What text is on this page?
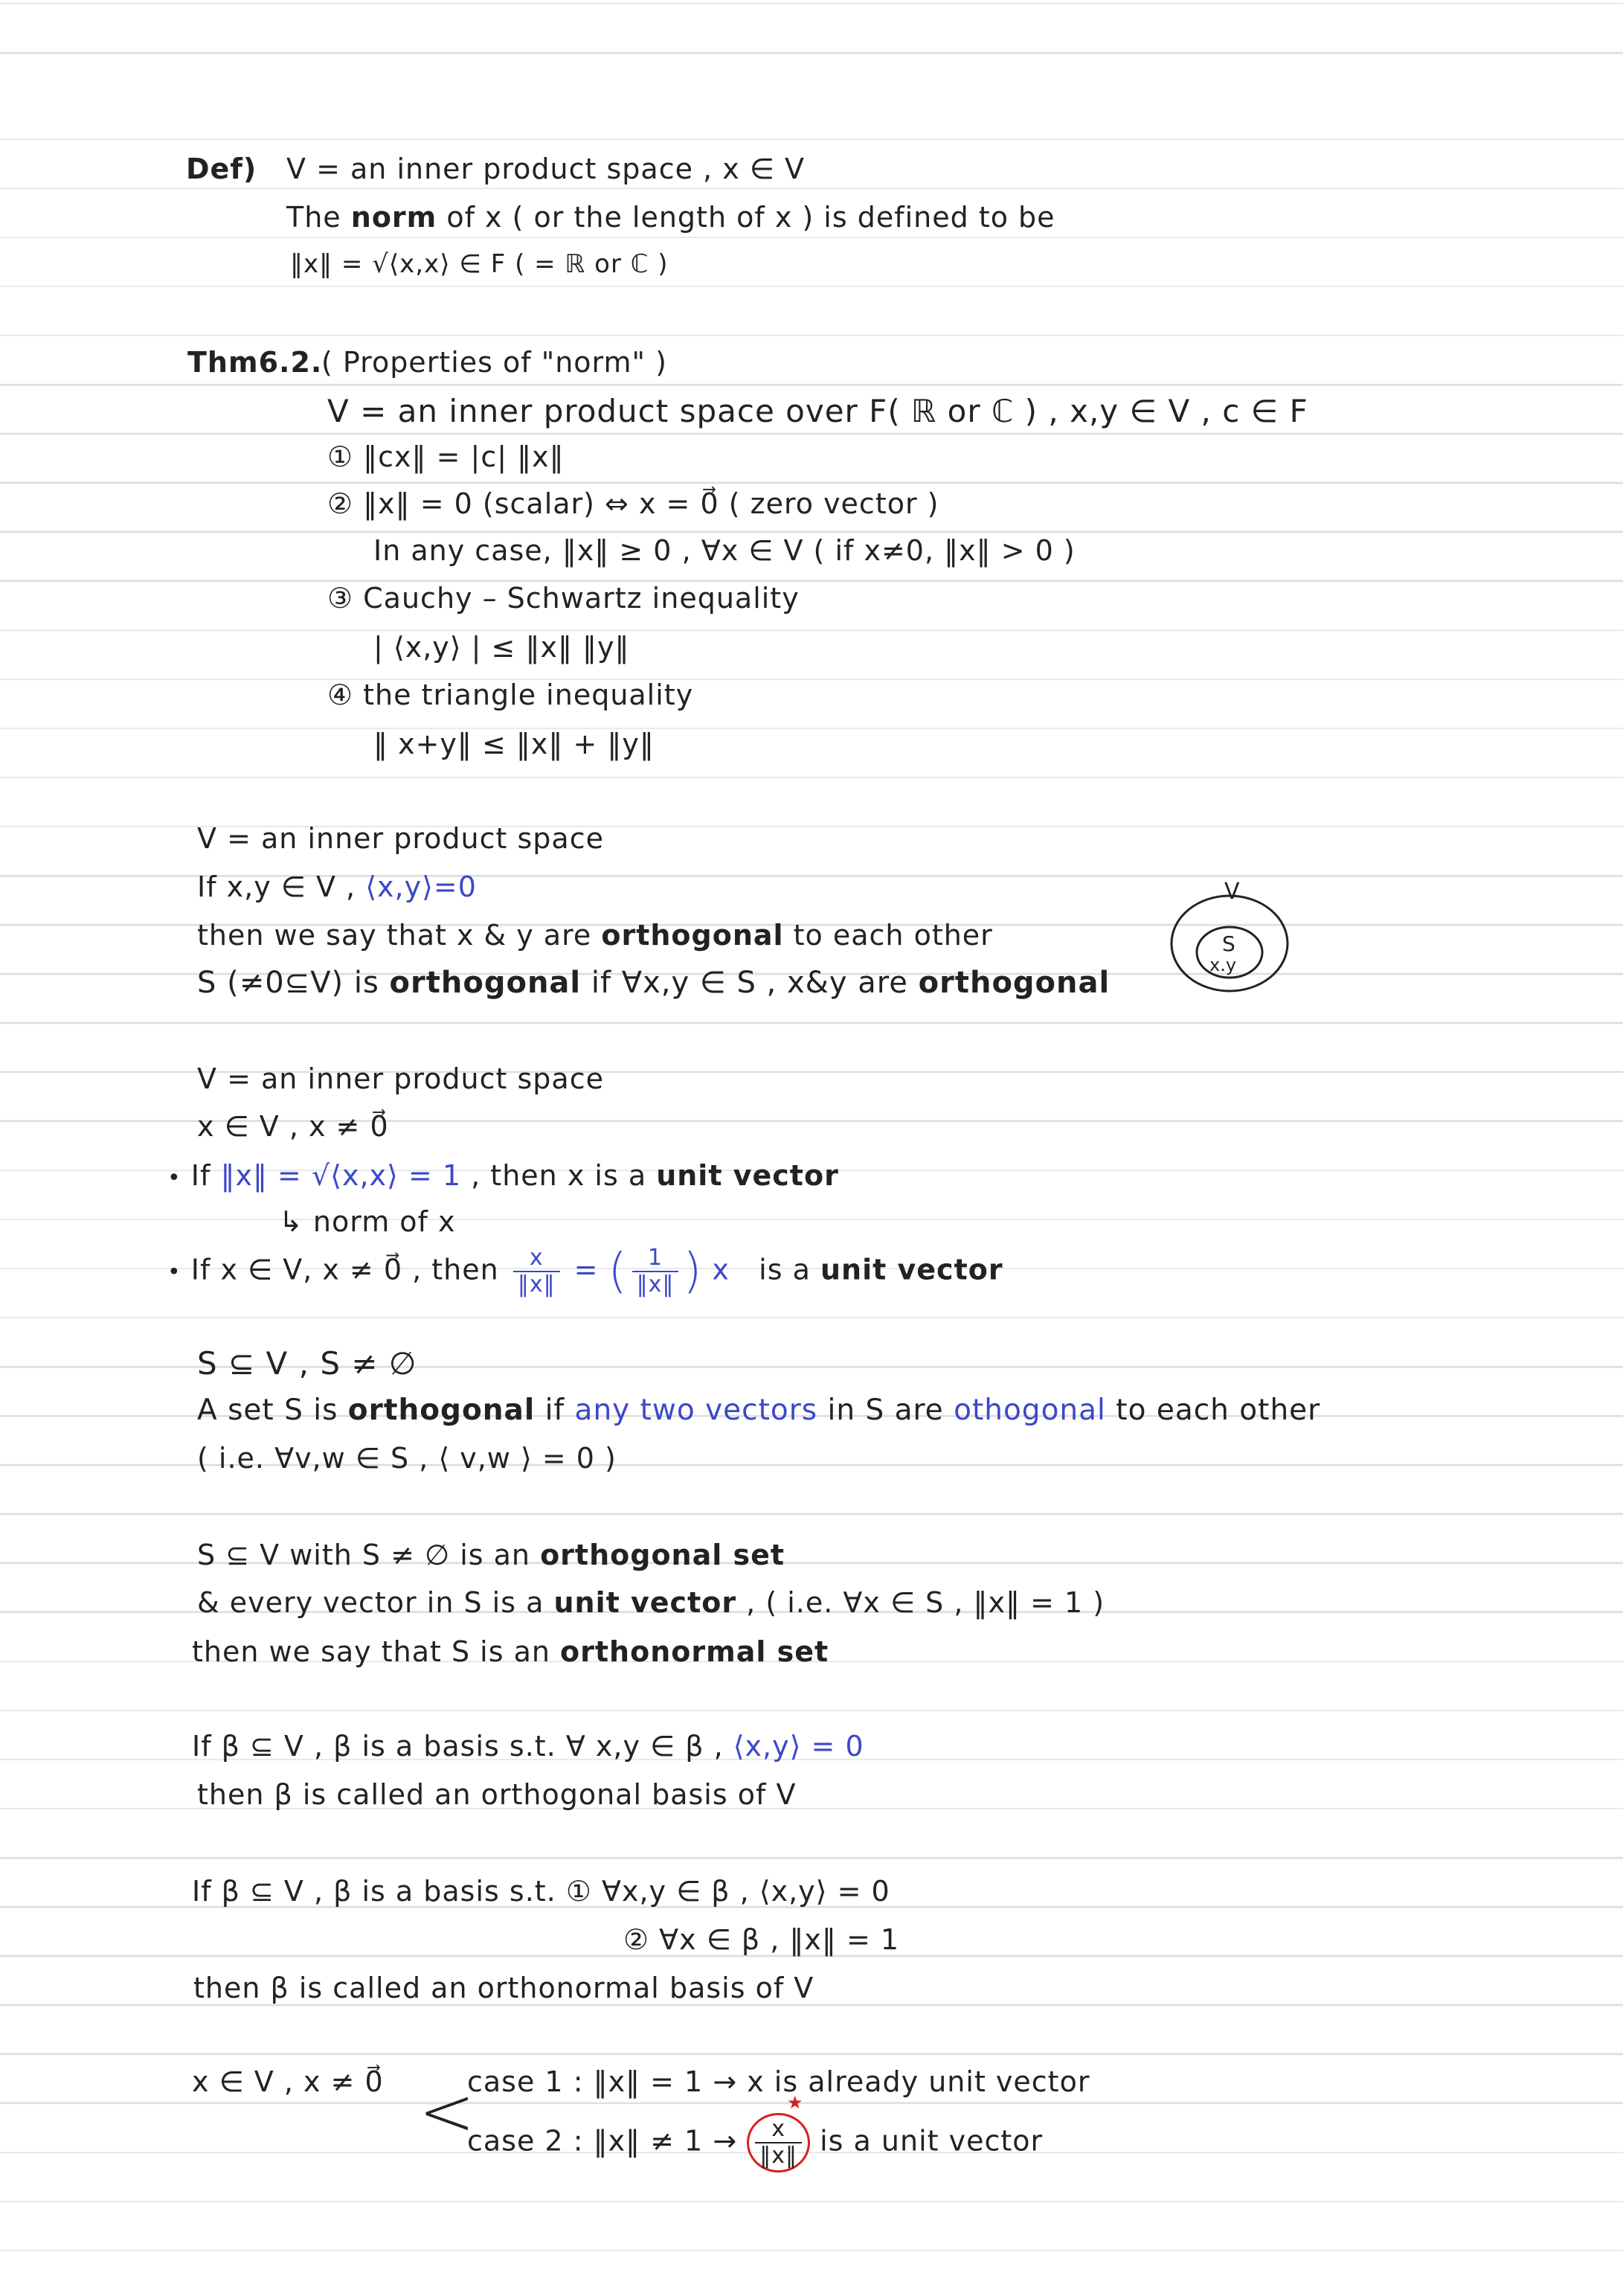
Def) V = an inner product space , x ∈ V
The norm of x ( or the length of x ) is defined to be
‖x‖ = √⟨x,x⟩ ∈ F ( = ℝ or ℂ )
Thm6.2.
( Properties of "norm" )
V = an inner product space over F( ℝ or ℂ ) , x,y ∈ V , c ∈ F
① ‖cx‖ = |c| ‖x‖
② ‖x‖ = 0 (scalar) ⇔ x = 0⃗ ( zero vector )
In any case, ‖x‖ ≥ 0 , ∀x ∈ V ( if x≠0, ‖x‖ > 0 )
③ Cauchy – Schwartz inequality
| ⟨x,y⟩ | ≤ ‖x‖ ‖y‖
④ the triangle inequality
‖ x+y‖ ≤ ‖x‖ + ‖y‖
V = an inner product space
If x,y ∈ V , ⟨x,y⟩=0
then we say that x & y are orthogonal to each other
S (≠0⊆V) is orthogonal if ∀x,y ∈ S , x&y are orthogonal
V
S
x.y
V = an inner product space
x ∈ V , x ≠ 0⃗
• If ‖x‖ = √⟨x,x⟩ = 1 , then x is a unit vector
↳ norm of x
• If x ∈ V, x ≠ 0⃗ , then $\frac{x}{‖x‖}$ = ( $\frac{1}{‖x‖}$ ) x is a unit vector
S ⊆ V , S ≠ ∅
A set S is orthogonal if any two vectors in S are othogonal to each other
( i.e. ∀v,w ∈ S , ⟨ v,w ⟩ = 0 )
S ⊆ V with S ≠ ∅ is an orthogonal set
& every vector in S is a unit vector , ( i.e. ∀x ∈ S , ‖x‖ = 1 )
then we say that S is an orthonormal set
If β ⊆ V , β is a basis s.t. ∀ x,y ∈ β , ⟨x,y⟩ = 0
then β is called an orthogonal basis of V
If β ⊆ V , β is a basis s.t. ① ∀x,y ∈ β , ⟨x,y⟩ = 0
② ∀x ∈ β , ‖x‖ = 1
then β is called an orthonormal basis of V
x ∈ V , x ≠ 0⃗ <
case 1 : ‖x‖ = 1 → x is already unit vector
case 2 : ‖x‖ ≠ $1 \to \frac{x}{‖x‖}$ is a unit vector
★
